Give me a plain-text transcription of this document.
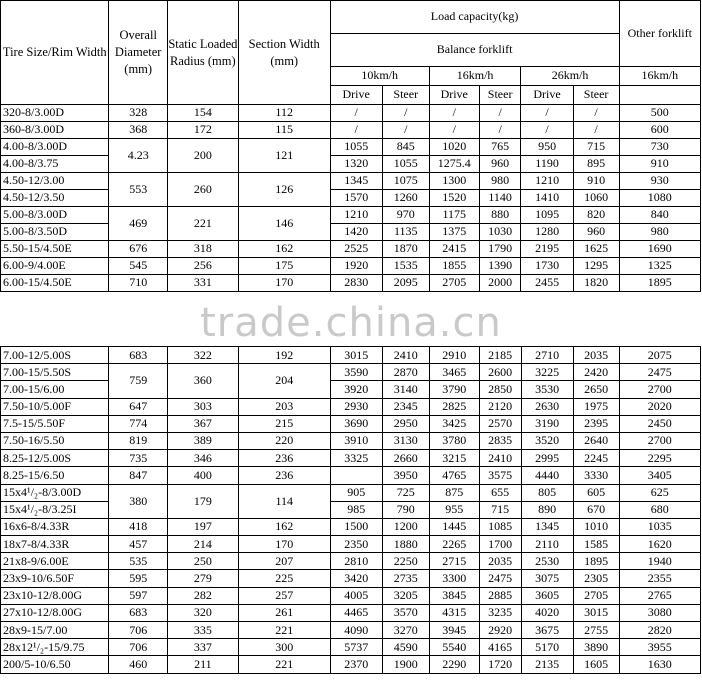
Tire Size/Rim Width	Overall Diameter (mm)	Static Loaded Radius (mm)	Section Width (mm)	Load capacity(kg)						Other forklift
				Balance forklift						
				10km/h		16km/h		26km/h		16km/h
				Drive	Steer	Drive	Steer	Drive	Steer	
320-8/3.00D	328	154	112	/	/	/	/	/	/	500
360-8/3.00D	368	172	115	/	/	/	/	/	/	600
4.00-8/3.00D	4.23	200	121	1055	845	1020	765	950	715	730
4.00-8/3.75				1320	1055	1275.4	960	1190	895	910
4.50-12/3.00	553	260	126	1345	1075	1300	980	1210	910	930
4.50-12/3.50				1570	1260	1520	1140	1410	1060	1080
5.00-8/3.00D	469	221	146	1210	970	1175	880	1095	820	840
5.00-8/3.50D				1420	1135	1375	1030	1280	960	980
5.50-15/4.50E	676	318	162	2525	1870	2415	1790	2195	1625	1690
6.00-9/4.00E	545	256	175	1920	1535	1855	1390	1730	1295	1325
6.00-15/4.50E	710	331	170	2830	2095	2705	2000	2455	1820	1895
trade.china.cn
7.00-12/5.00S	683	322	192	3015	2410	2910	2185	2710	2035	2075
7.00-15/5.50S	759	360	204	3590	2870	3465	2600	3225	2420	2475
7.00-15/6.00				3920	3140	3790	2850	3530	2650	2700
7.50-10/5.00F	647	303	203	2930	2345	2825	2120	2630	1975	2020
7.5-15/5.50F	774	367	215	3690	2950	3425	2570	3190	2395	2450
7.50-16/5.50	819	389	220	3910	3130	3780	2835	3520	2640	2700
8.25-12/5.00S	735	346	236	3325	2660	3215	2410	2995	2245	2295
8.25-15/6.50	847	400	236		3950	4765	3575	4440	3330	3405
15x4¹/₂-8/3.00D	380	179	114	905	725	875	655	805	605	625
15x4¹/₂-8/3.25I				985	790	955	715	890	670	680
16x6-8/4.33R	418	197	162	1500	1200	1445	1085	1345	1010	1035
18x7-8/4.33R	457	214	170	2350	1880	2265	1700	2110	1585	1620
21x8-9/6.00E	535	250	207	2810	2250	2715	2035	2530	1895	1940
23x9-10/6.50F	595	279	225	3420	2735	3300	2475	3075	2305	2355
23x10-12/8.00G	597	282	257	4005	3205	3845	2885	3605	2705	2765
27x10-12/8.00G	683	320	261	4465	3570	4315	3235	4020	3015	3080
28x9-15/7.00	706	335	221	4090	3270	3945	2920	3675	2755	2820
28x12¹/₂-15/9.75	706	337	300	5737	4590	5540	4165	5170	3890	3955
200/5-10/6.50	460	211	221	2370	1900	2290	1720	2135	1605	1630
